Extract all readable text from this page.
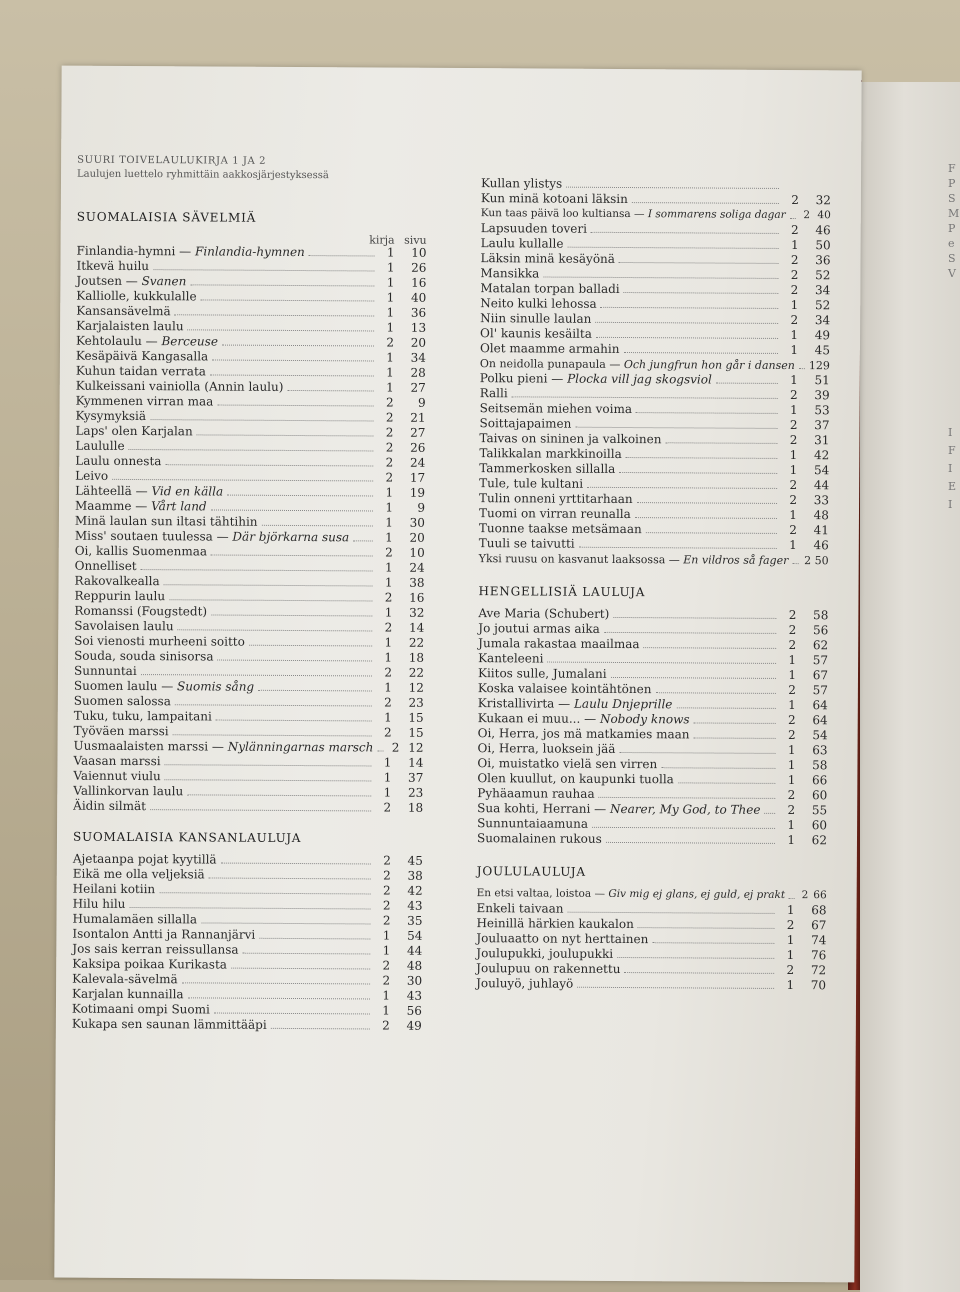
F
P
S
M
P
e
S
V
I
F
I
E
I
SUURI TOIVELAULUKIRJA 1 JA 2
Laulujen luettelo ryhmittäin aakkosjärjestyksessä
SUOMALAISIA SÄVELMIÄ
kirja sivu
Finlandia-hymni — Finlandia-hymnen	1	10
Itkevä huilu	1	26
Joutsen — Svanen	1	16
Kalliolle, kukkulalle	1	40
Kansansävelmä	1	36
Karjalaisten laulu	1	13
Kehtolaulu — Berceuse	2	20
Kesäpäivä Kangasalla	1	34
Kuhun taidan verrata	1	28
Kulkeissani vainiolla (Annin laulu)	1	27
Kymmenen virran maa	2	9
Kysymyksiä	2	21
Laps' olen Karjalan	2	27
Laululle	2	26
Laulu onnesta	2	24
Leivo	2	17
Lähteellä — Vid en källa	1	19
Maamme — Vårt land	1	9
Minä laulan sun iltasi tähtihin	1	30
Miss' soutaen tuulessa — Där björkarna susa	1	20
Oi, kallis Suomenmaa	2	10
Onnelliset	1	24
Rakovalkealla	1	38
Reppurin laulu	2	16
Romanssi (Fougstedt)	1	32
Savolaisen laulu	2	14
Soi vienosti murheeni soitto	1	22
Souda, souda sinisorsa	1	18
Sunnuntai	2	22
Suomen laulu — Suomis sång	1	12
Suomen salossa	2	23
Tuku, tuku, lampaitani	1	15
Työväen marssi	2	15
Uusmaalaisten marssi — Nylänningarnas marsch	2 12
Vaasan marssi	1	14
Vaiennut viulu	1	37
Vallinkorvan laulu	1	23
Äidin silmät	2	18
SUOMALAISIA KANSANLAULUJA
Ajetaanpa pojat kyytillä	2	45
Eikä me olla veljeksiä	2	38
Heilani kotiin	2	42
Hilu hilu	2	43
Humalamäen sillalla	2	35
Isontalon Antti ja Rannanjärvi	1	54
Jos sais kerran reissullansa	1	44
Kaksipa poikaa Kurikasta	2	48
Kalevala-sävelmä	2	30
Karjalan kunnailla	1	43
Kotimaani ompi Suomi	1	56
Kukapa sen saunan lämmittääpi	2	49
Kullan ylistys
Kun minä kotoani läksin	2	32
Kun taas päivä loo kultiansa — I sommarens soliga dagar	2 40
Lapsuuden toveri	2	46
Laulu kullalle	1	50
Läksin minä kesäyönä	2	36
Mansikka	2	52
Matalan torpan balladi	2	34
Neito kulki lehossa	1	52
Niin sinulle laulan	2	34
Ol' kaunis kesäilta	1	49
Olet maamme armahin	1	45
On neidolla punapaula — Och jungfrun hon går i dansen 1 29
Polku pieni — Plocka vill jag skogsviol	1	51
Ralli	2	39
Seitsemän miehen voima	1	53
Soittajapaimen	2	37
Taivas on sininen ja valkoinen	2	31
Talikkalan markkinoilla	1	42
Tammerkosken sillalla	1	54
Tule, tule kultani	2	44
Tulin onneni yrttitarhaan	2	33
Tuomi on virran reunalla	1	48
Tuonne taakse metsämaan	2	41
Tuuli se taivutti	1	46
Yksi ruusu on kasvanut laaksossa — En vildros så fager 2 50
HENGELLISIÄ LAULUJA
Ave Maria (Schubert)	2	58
Jo joutui armas aika	2	56
Jumala rakastaa maailmaa	2	62
Kanteleeni	1	57
Kiitos sulle, Jumalani	1	67
Koska valaisee kointähtönen	2	57
Kristallivirta — Laulu Dnjeprille	1	64
Kukaan ei muu... — Nobody knows	2	64
Oi, Herra, jos mä matkamies maan	2	54
Oi, Herra, luoksein jää	1	63
Oi, muistatko vielä sen virren	1	58
Olen kuullut, on kaupunki tuolla	1	66
Pyhäaamun rauhaa	2	60
Sua kohti, Herrani — Nearer, My God, to Thee	2	55
Sunnuntaiaamuna	1	60
Suomalainen rukous	1	62
JOULULAULUJA
En etsi valtaa, loistoa — Giv mig ej glans, ej guld, ej prakt 2 66
Enkeli taivaan	1	68
Heinillä härkien kaukalon	2	67
Jouluaatto on nyt herttainen	1	74
Joulupukki, joulupukki	1	76
Joulupuu on rakennettu	2	72
Jouluyö, juhlayö	1	70
